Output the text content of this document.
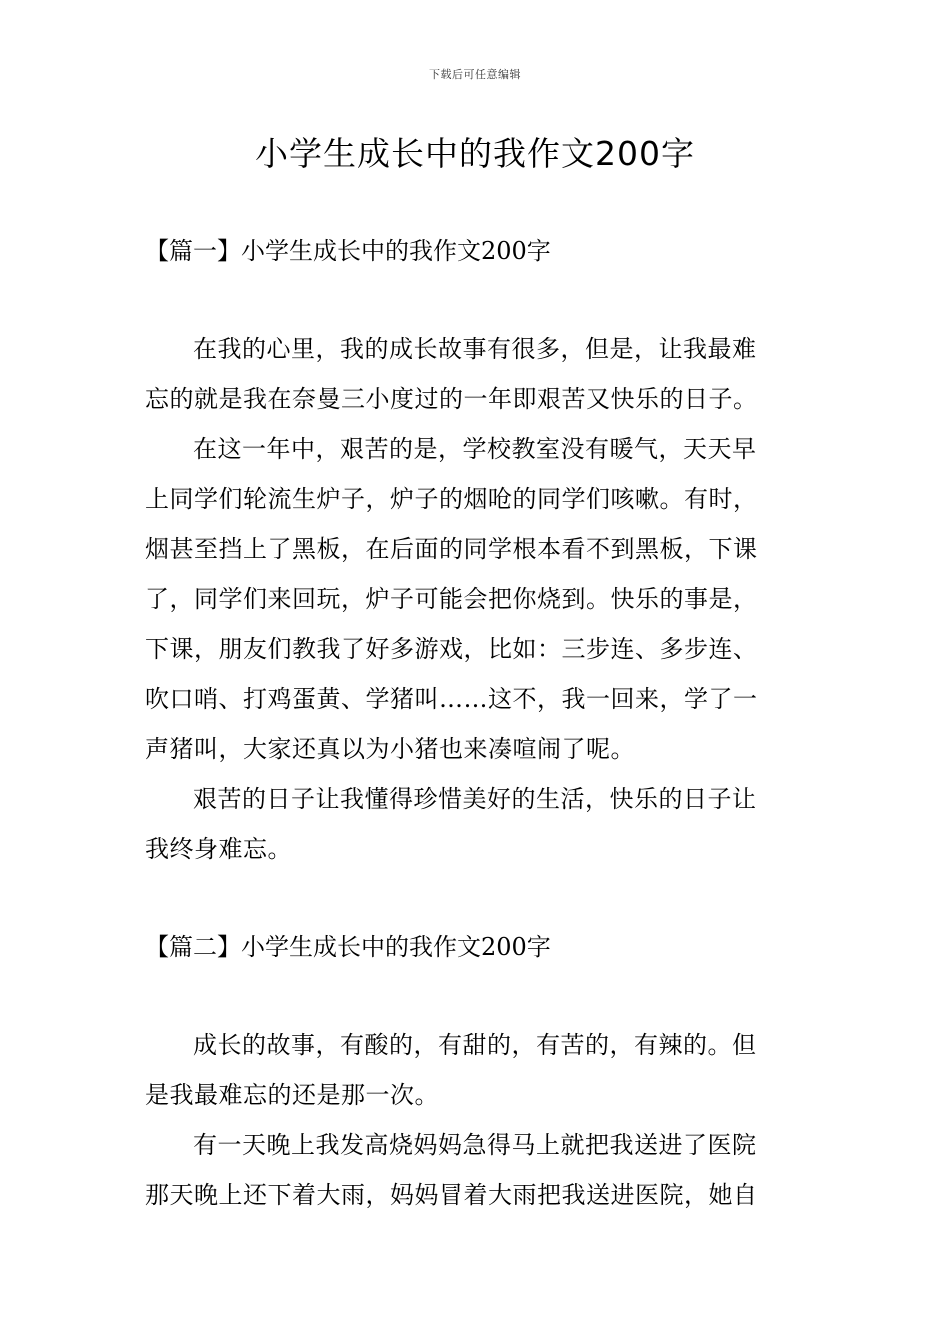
下载后可任意编辑
小学生成长中的我作文200字
【篇一】小学生成长中的我作文200字

在我的心里，我的成长故事有很多，但是，让我最难
忘的就是我在奈曼三小度过的一年即艰苦又快乐的日子。

在这一年中，艰苦的是，学校教室没有暖气，天天早
上同学们轮流生炉子，炉子的烟呛的同学们咳嗽。有时，
烟甚至挡上了黑板，在后面的同学根本看不到黑板，下课
了，同学们来回玩，炉子可能会把你烧到。快乐的事是，
下课，朋友们教我了好多游戏，比如：三步连、多步连、
吹口哨、打鸡蛋黄、学猪叫……这不，我一回来，学了一
声猪叫，大家还真以为小猪也来凑喧闹了呢。

艰苦的日子让我懂得珍惜美好的生活，快乐的日子让
我终身难忘。

【篇二】小学生成长中的我作文200字

成长的故事，有酸的，有甜的，有苦的，有辣的。但
是我最难忘的还是那一次。

有一天晚上我发高烧妈妈急得马上就把我送进了医院
那天晚上还下着大雨，妈妈冒着大雨把我送进医院，她自
